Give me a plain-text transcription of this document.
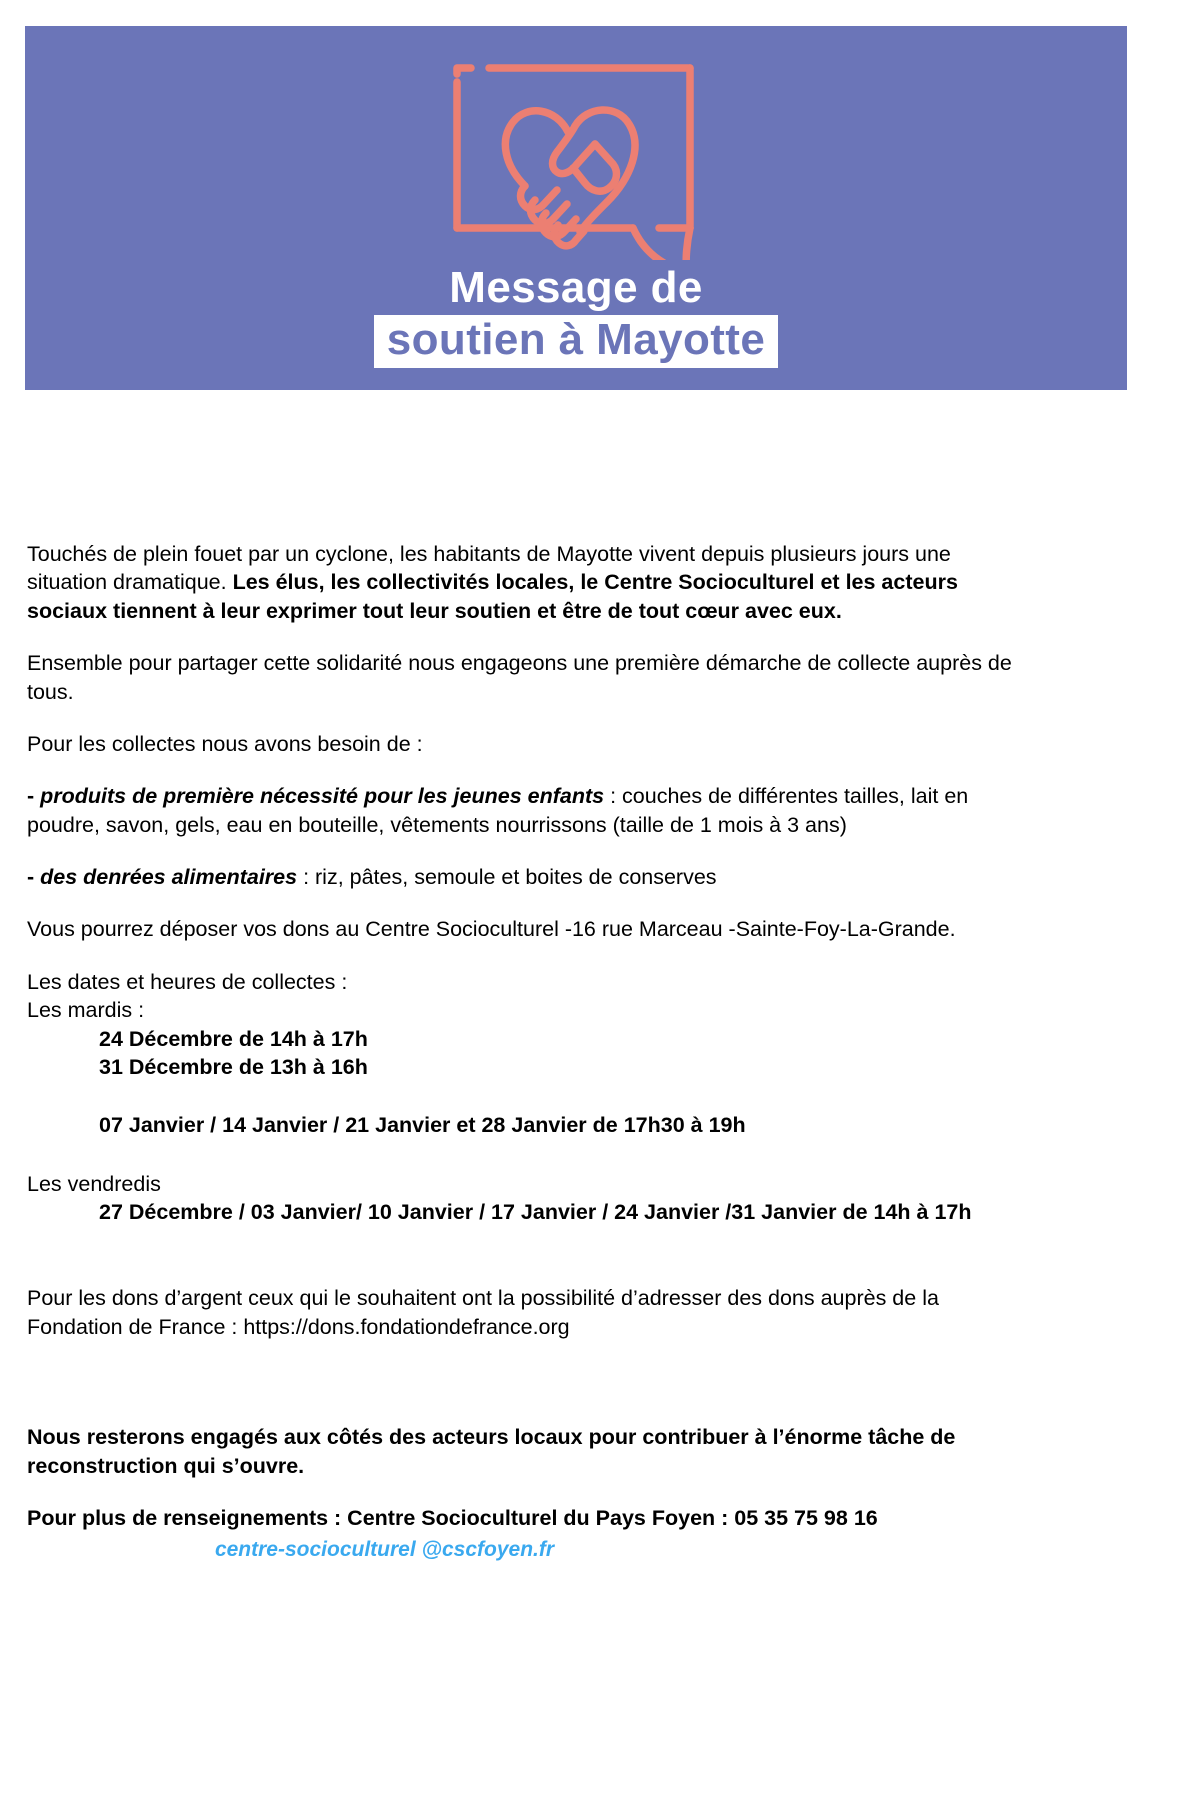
Message de
soutien à Mayotte

Touchés de plein fouet par un cyclone, les habitants de Mayotte vivent depuis plusieurs jours une situation dramatique. Les élus, les collectivités locales, le Centre Socioculturel et les acteurs sociaux tiennent à leur exprimer tout leur soutien et être de tout cœur avec eux.

Ensemble pour partager cette solidarité nous engageons une première démarche de collecte auprès de tous.

Pour les collectes nous avons besoin de :

- produits de première nécessité pour les jeunes enfants : couches de différentes tailles, lait en poudre, savon, gels, eau en bouteille, vêtements nourrissons (taille de 1 mois à 3 ans)

- des denrées alimentaires : riz, pâtes, semoule et boites de conserves

Vous pourrez déposer vos dons au Centre Socioculturel -16 rue Marceau -Sainte-Foy-La-Grande.

Les dates et heures de collectes :

Les mardis :

24 Décembre de 14h à 17h

31 Décembre de 13h à 16h

07 Janvier / 14 Janvier / 21 Janvier et 28 Janvier de 17h30 à 19h

Les vendredis

27 Décembre / 03 Janvier/ 10 Janvier / 17 Janvier / 24 Janvier /31 Janvier de 14h à 17h

Pour les dons d’argent ceux qui le souhaitent ont la possibilité d’adresser des dons auprès de la Fondation de France : https://dons.fondationdefrance.org

Nous resterons engagés aux côtés des acteurs locaux pour contribuer à l’énorme tâche de reconstruction qui s’ouvre.

Pour plus de renseignements : Centre Socioculturel du Pays Foyen : 05 35 75 98 16

centre-socioculturel @cscfoyen.fr
